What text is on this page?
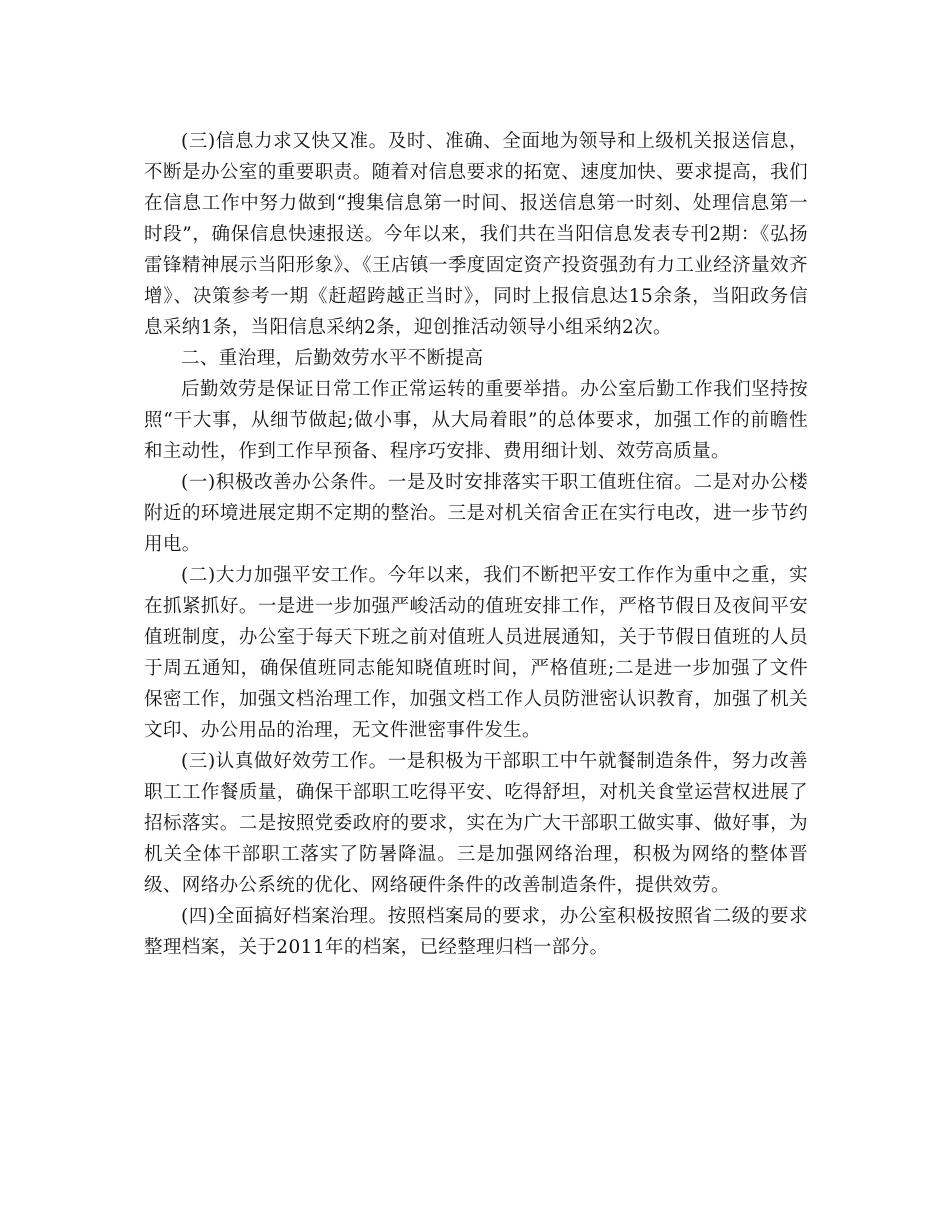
(三)信息力求又快又准。及时、准确、全面地为领导和上级机关报送信息，不断是办公室的重要职责。随着对信息要求的拓宽、速度加快、要求提高，我们在信息工作中努力做到“搜集信息第一时间、报送信息第一时刻、处理信息第一时段”，确保信息快速报送。今年以来，我们共在当阳信息发表专刊2期：《弘扬雷锋精神展示当阳形象》、《王店镇一季度固定资产投资强劲有力工业经济量效齐增》、决策参考一期《赶超跨越正当时》，同时上报信息达15余条，当阳政务信息采纳1条，当阳信息采纳2条，迎创推活动领导小组采纳2次。

二、重治理，后勤效劳水平不断提高

后勤效劳是保证日常工作正常运转的重要举措。办公室后勤工作我们坚持按照“干大事，从细节做起;做小事，从大局着眼”的总体要求，加强工作的前瞻性和主动性，作到工作早预备、程序巧安排、费用细计划、效劳高质量。

(一)积极改善办公条件。一是及时安排落实干职工值班住宿。二是对办公楼附近的环境进展定期不定期的整治。三是对机关宿舍正在实行电改，进一步节约用电。

(二)大力加强平安工作。今年以来，我们不断把平安工作作为重中之重，实在抓紧抓好。一是进一步加强严峻活动的值班安排工作，严格节假日及夜间平安值班制度，办公室于每天下班之前对值班人员进展通知，关于节假日值班的人员于周五通知，确保值班同志能知晓值班时间，严格值班;二是进一步加强了文件保密工作，加强文档治理工作，加强文档工作人员防泄密认识教育，加强了机关文印、办公用品的治理，无文件泄密事件发生。

(三)认真做好效劳工作。一是积极为干部职工中午就餐制造条件，努力改善职工工作餐质量，确保干部职工吃得平安、吃得舒坦，对机关食堂运营权进展了招标落实。二是按照党委政府的要求，实在为广大干部职工做实事、做好事，为机关全体干部职工落实了防暑降温。三是加强网络治理，积极为网络的整体晋级、网络办公系统的优化、网络硬件条件的改善制造条件，提供效劳。

(四)全面搞好档案治理。按照档案局的要求，办公室积极按照省二级的要求整理档案，关于2011年的档案，已经整理归档一部分。
